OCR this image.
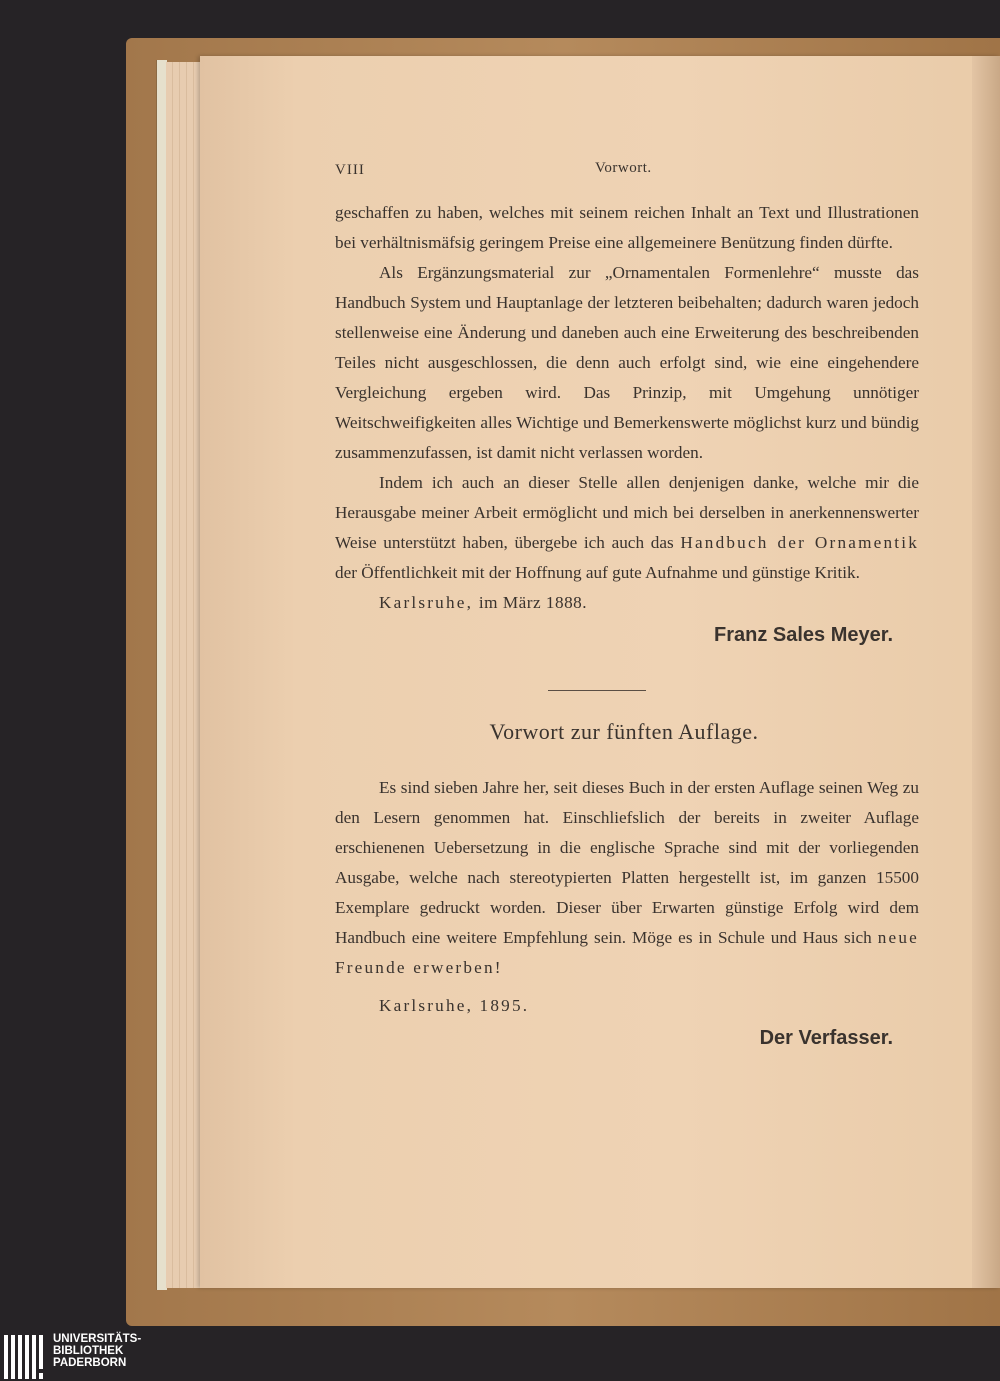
VIII	Vorwort.

geschaffen zu haben, welches mit seinem reichen Inhalt an Text und Illustrationen bei verhältnismäfsig geringem Preise eine allgemeinere Benützung finden dürfte.

Als Ergänzungsmaterial zur „Ornamentalen Formenlehre“ musste das Handbuch System und Hauptanlage der letzteren beibehalten; dadurch waren jedoch stellenweise eine Änderung und daneben auch eine Erweiterung des beschreibenden Teiles nicht ausgeschlossen, die denn auch erfolgt sind, wie eine eingehendere Vergleichung ergeben wird. Das Prinzip, mit Umgehung unnötiger Weitschweifigkeiten alles Wichtige und Bemerkenswerte möglichst kurz und bündig zusammenzufassen, ist damit nicht verlassen worden.

Indem ich auch an dieser Stelle allen denjenigen danke, welche mir die Herausgabe meiner Arbeit ermöglicht und mich bei derselben in anerkennenswerter Weise unterstützt haben, übergebe ich auch das Handbuch der Ornamentik der Öffentlichkeit mit der Hoffnung auf gute Aufnahme und günstige Kritik.

Karlsruhe, im März 1888.

Franz Sales Meyer.

Vorwort zur fünften Auflage.

Es sind sieben Jahre her, seit dieses Buch in der ersten Auflage seinen Weg zu den Lesern genommen hat. Einschliefslich der bereits in zweiter Auflage erschienenen Uebersetzung in die englische Sprache sind mit der vorliegenden Ausgabe, welche nach stereotypierten Platten hergestellt ist, im ganzen 15500 Exemplare gedruckt worden. Dieser über Erwarten günstige Erfolg wird dem Handbuch eine weitere Empfehlung sein. Möge es in Schule und Haus sich neue Freunde erwerben!

Karlsruhe, 1895.

Der Verfasser.

UNIVERSITÄTS-
BIBLIOTHEK
PADERBORN
